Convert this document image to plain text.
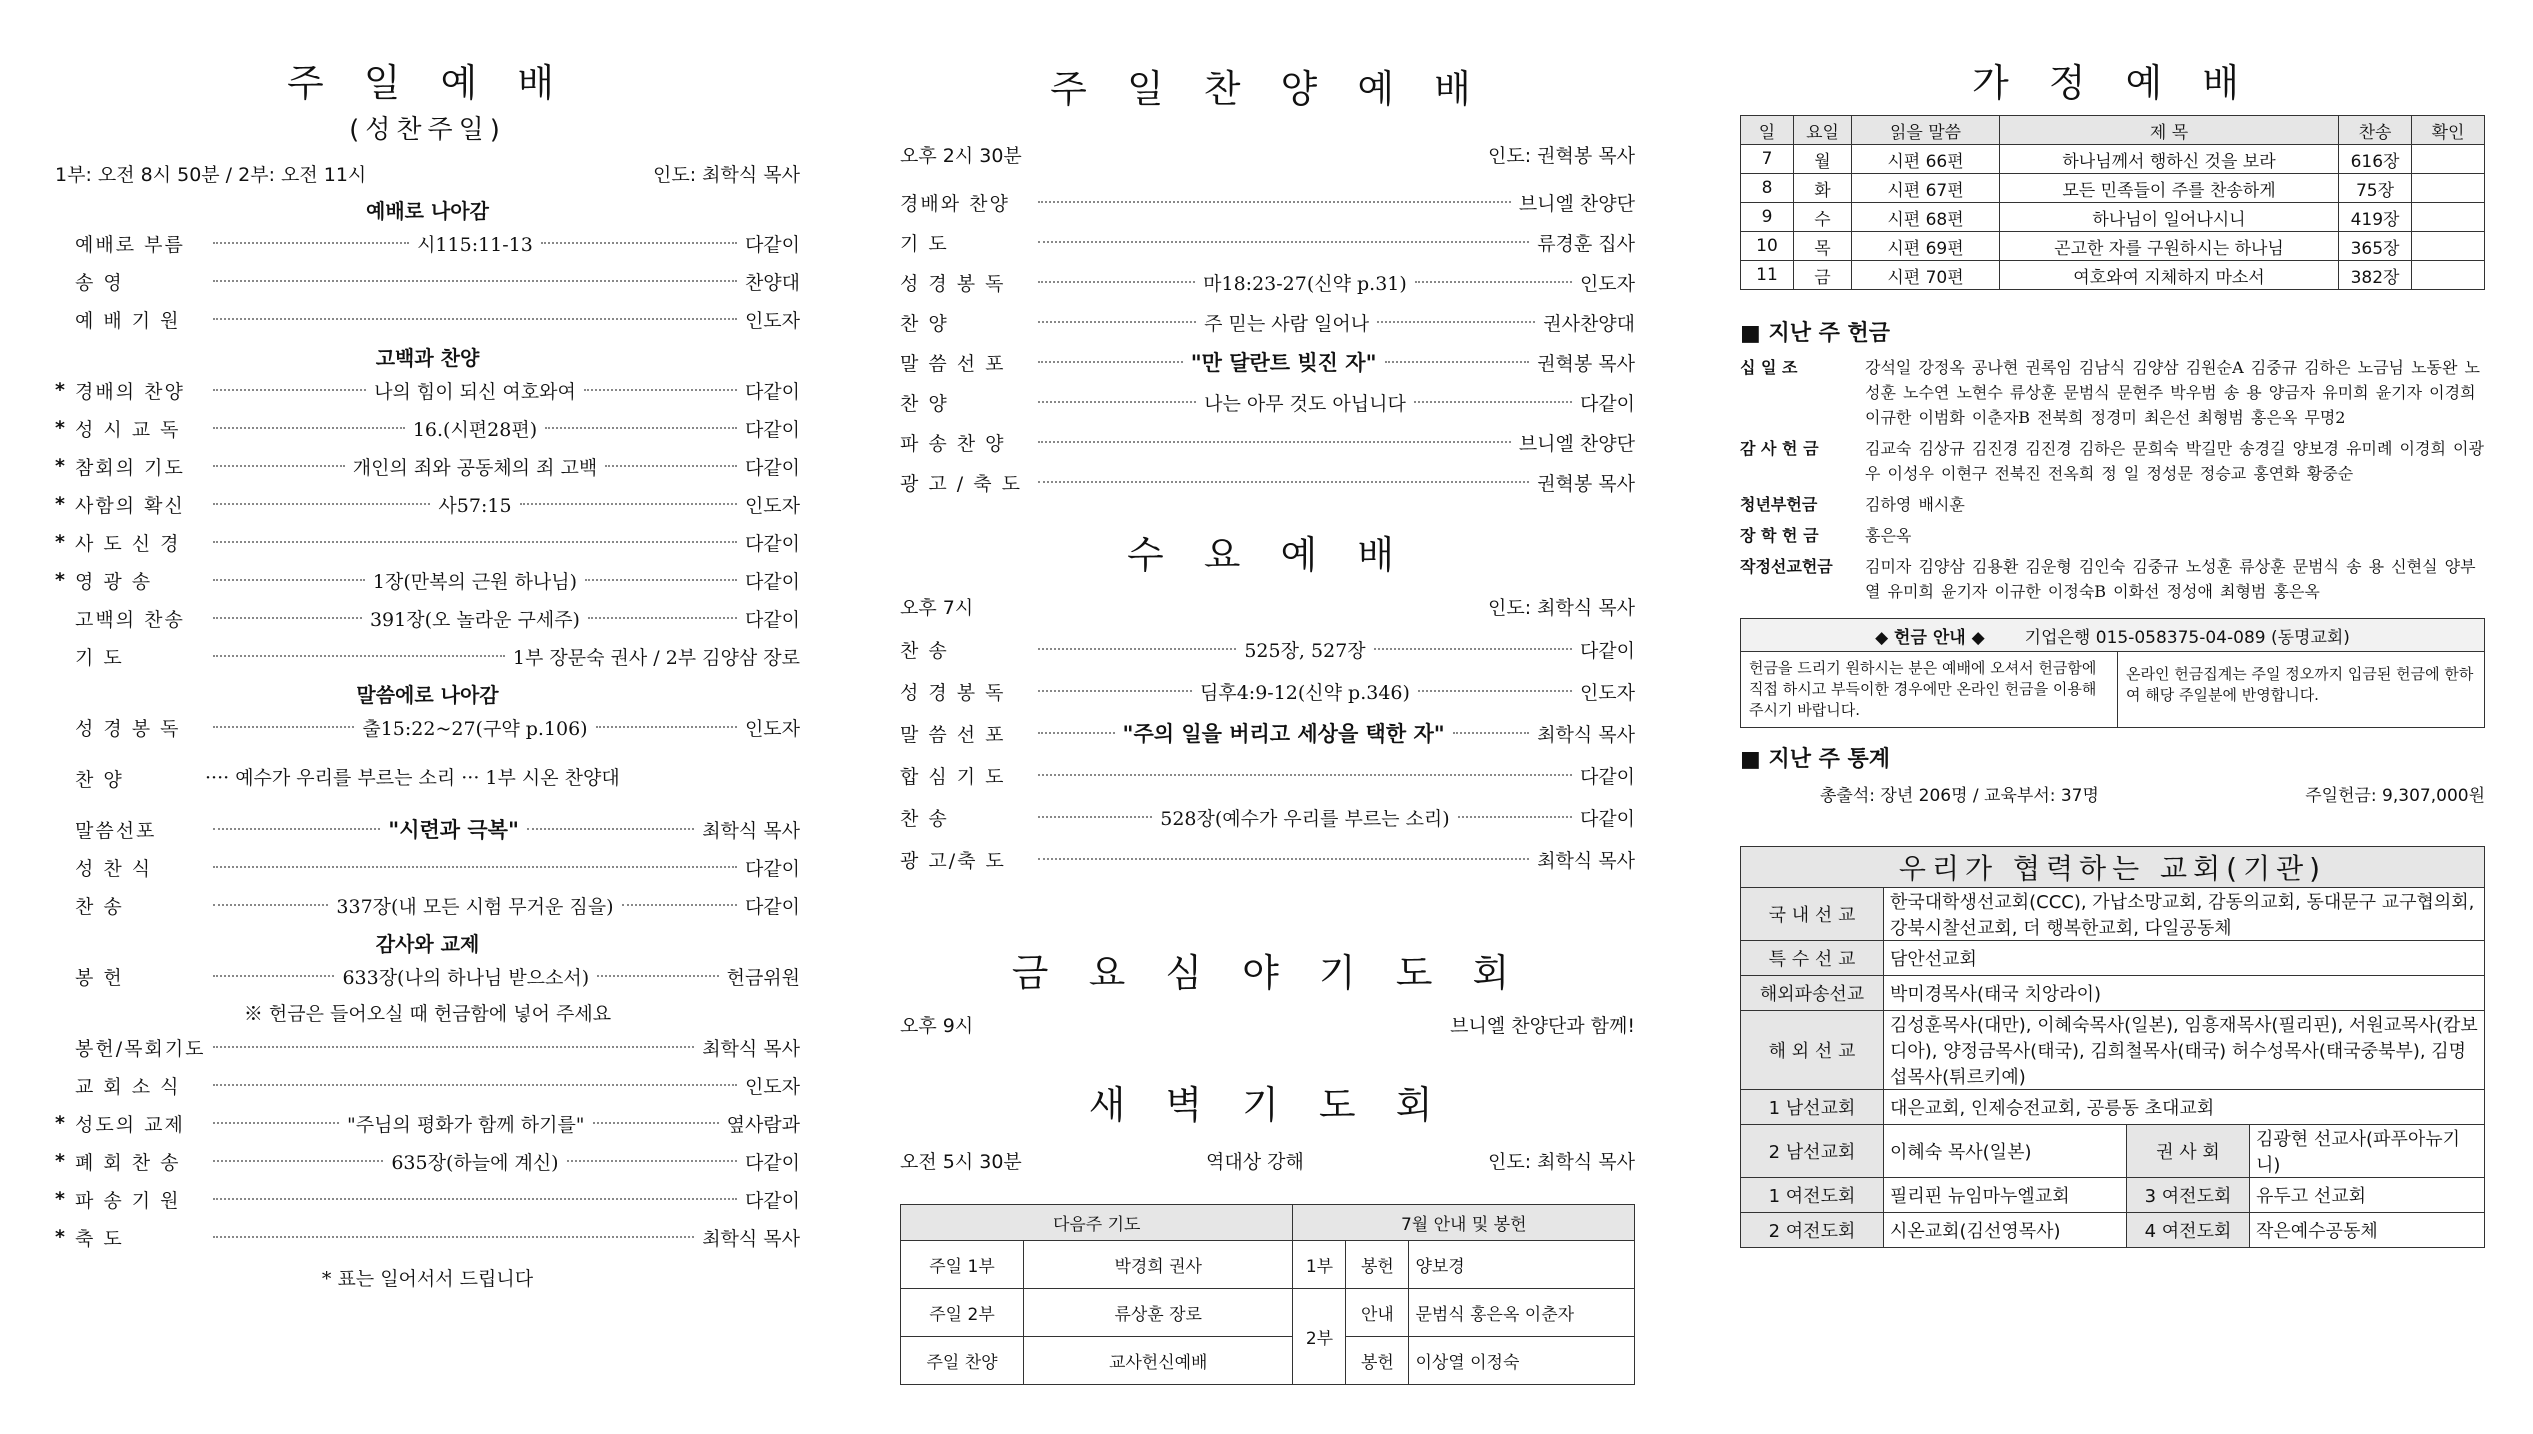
주 일 예 배
(성찬주일)
1부: 오전 8시 50분 / 2부: 오전 11시	인도: 최학식 목사
예배로 나아감
예배로 부름	시115:11-13	다같이
송 영	찬양대
예 배 기 원	인도자
고백과 찬양
* 경배의 찬양	나의 힘이 되신 여호와여	다같이
* 성 시 교 독	16.(시편28편)	다같이
* 참회의 기도	개인의 죄와 공동체의 죄 고백	다같이
* 사함의 확신	사57:15	인도자
* 사 도 신 경	다같이
* 영 광 송	1장(만복의 근원 하나님)	다같이
고백의 찬송	391장(오 놀라운 구세주)	다같이
기 도	1부 장문숙 권사 / 2부 김양삼 장로
말씀에로 나아감
성 경 봉 독	출15:22~27(구약 p.106)	인도자
찬 양	···· 예수가 우리를 부르는 소리 ··· 1부 시온 찬양대
말씀선포	"시련과 극복"	최학식 목사
성 찬 식	다같이
찬 송	337장(내 모든 시험 무거운 짐을)	다같이
감사와 교제
봉 헌	633장(나의 하나님 받으소서)	헌금위원
※ 헌금은 들어오실 때 헌금함에 넣어 주세요
봉헌/목회기도	최학식 목사
교 회 소 식	인도자
* 성도의 교제	"주님의 평화가 함께 하기를"	옆사람과
* 폐 회 찬 송	635장(하늘에 계신)	다같이
* 파 송 기 원	다같이
* 축 도	최학식 목사
* 표는 일어서서 드립니다
주 일 찬 양 예 배
오후 2시 30분	인도: 권혁봉 목사
경배와 찬양	브니엘 찬양단
기 도	류경훈 집사
성 경 봉 독	마18:23-27(신약 p.31)	인도자
찬 양	주 믿는 사람 일어나	권사찬양대
말 씀 선 포	"만 달란트 빚진 자"	권혁봉 목사
찬 양	나는 아무 것도 아닙니다	다같이
파 송 찬 양	브니엘 찬양단
광 고 / 축 도	권혁봉 목사
수 요 예 배
오후 7시	인도: 최학식 목사
찬 송	525장, 527장	다같이
성 경 봉 독	딤후4:9-12(신약 p.346)	인도자
말 씀 선 포	"주의 일을 버리고 세상을 택한 자"	최학식 목사
합 심 기 도	다같이
찬 송	528장(예수가 우리를 부르는 소리)	다같이
광 고/축 도	최학식 목사
금 요 심 야 기 도 회
오후 9시	브니엘 찬양단과 함께!
새 벽 기 도 회
오전 5시 30분	역대상 강해	인도: 최학식 목사
다음주 기도		7월 안내 및 봉헌		
주일 1부	박경희 권사	1부	봉헌	양보경
주일 2부	류상훈 장로	2부	안내	문범식 홍은옥 이춘자
주일 찬양	교사헌신예배		봉헌	이상열 이정숙
가 정 예 배
일	요일	읽을 말씀	제 목	찬송	확인
7	월	시편 66편	하나님께서 행하신 것을 보라	616장	
8	화	시편 67편	모든 민족들이 주를 찬송하게	75장	
9	수	시편 68편	하나님이 일어나시니	419장	
10	목	시편 69편	곤고한 자를 구원하시는 하나님	365장	
11	금	시편 70편	여호와여 지체하지 마소서	382장	
■ 지난 주 헌금
십 일 조	강석일 강정옥 공나현 권록임 김남식 김양삼 김원순A 김중규 김하은 노금님 노동완 노성훈 노수연 노현수 류상훈 문범식 문현주 박우범 송 용 양금자 유미희 윤기자 이경희 이규한 이범화 이춘자B 전북희 정경미 최은선 최형범 홍은옥 무명2
감 사 헌 금	김교숙 김상규 김진경 김진경 김하은 문희숙 박길만 송경길 양보경 유미례 이경희 이광우 이성우 이현구 전북진 전옥희 정 일 정성문 정승교 홍연화 황중순
청년부헌금	김하영 배시훈
장 학 헌 금	홍은옥
작정선교헌금	김미자 김양삼 김용환 김운형 김인숙 김중규 노성훈 류상훈 문범식 송 용 신현실 양부열 유미희 윤기자 이규한 이정숙B 이화선 정성애 최형범 홍은옥
◆ 헌금 안내 ◆ 기업은행 015-058375-04-089 (동명교회)
헌금을 드리기 원하시는 분은 예배에 오셔서 헌금함에 직접 하시고 부득이한 경우에만 온라인 헌금을 이용해 주시기 바랍니다.
온라인 헌금집계는 주일 정오까지 입금된 헌금에 한하여 해당 주일분에 반영합니다.
■ 지난 주 통계
총출석: 장년 206명 / 교육부서: 37명	주일헌금: 9,307,000원
우리가 협력하는 교회(기관)			
국 내 선 교	한국대학생선교회(CCC), 가납소망교회, 감동의교회, 동대문구 교구협의회, 강북시찰선교회, 더 행복한교회, 다일공동체		
특 수 선 교	담안선교회		
해외파송선교	박미경목사(태국 치앙라이)		
해 외 선 교	김성훈목사(대만), 이혜숙목사(일본), 임흥재목사(필리핀), 서원교목사(캄보디아), 양정금목사(태국), 김희철목사(태국) 허수성목사(태국중북부), 김명섭목사(튀르키예)		
1 남선교회	대은교회, 인제승전교회, 공릉동 초대교회		
2 남선교회	이혜숙 목사(일본)	권 사 회	김광현 선교사(파푸아뉴기니)
1 여전도회	필리핀 뉴임마누엘교회	3 여전도회	유두고 선교회
2 여전도회	시온교회(김선영목사)	4 여전도회	작은예수공동체
